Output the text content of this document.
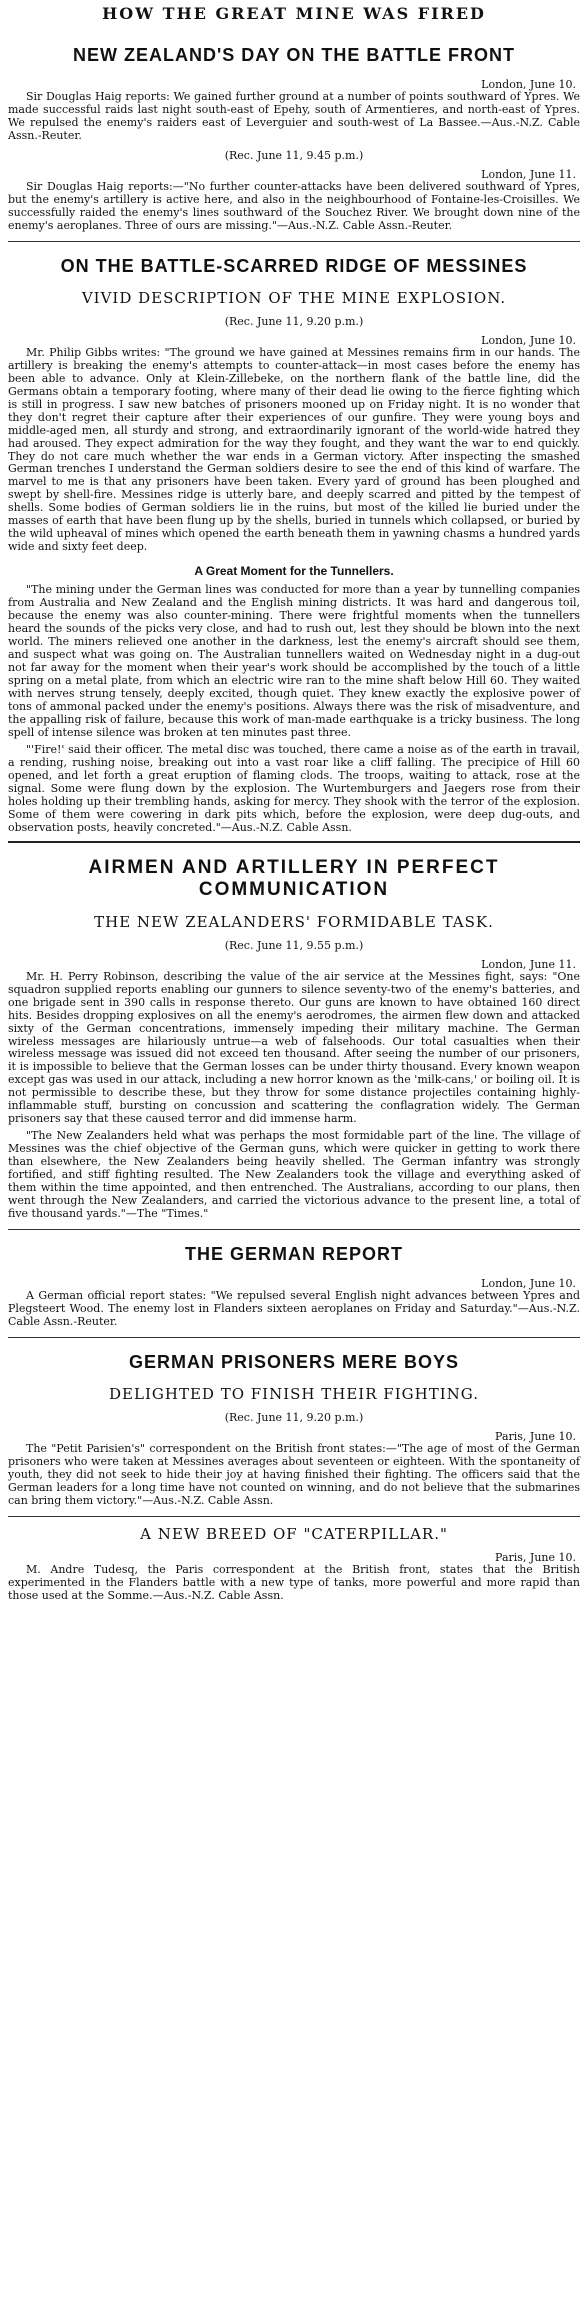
HOW THE GREAT MINE WAS FIRED
NEW ZEALAND'S DAY ON THE BATTLE FRONT
London, June 10.

Sir Douglas Haig reports: We gained further ground at a number of points southward of Ypres. We made successful raids last night south-east of Epehy, south of Armentieres, and north-east of Ypres. We repulsed the enemy's raiders east of Leverguier and south-west of La Bassee.—Aus.-N.Z. Cable Assn.-Reuter.

(Rec. June 11, 9.45 p.m.)
London, June 11.

Sir Douglas Haig reports:—"No further counter-attacks have been delivered southward of Ypres, but the enemy's artillery is active here, and also in the neighbourhood of Fontaine-les-Croisilles. We successfully raided the enemy's lines southward of the Souchez River. We brought down nine of the enemy's aeroplanes. Three of ours are missing."—Aus.-N.Z. Cable Assn.-Reuter.

ON THE BATTLE-SCARRED RIDGE OF MESSINES
VIVID DESCRIPTION OF THE MINE EXPLOSION.
(Rec. June 11, 9.20 p.m.)
London, June 10.

Mr. Philip Gibbs writes: "The ground we have gained at Messines remains firm in our hands. The artillery is breaking the enemy's attempts to counter-attack—in most cases before the enemy has been able to advance. Only at Klein-Zillebeke, on the northern flank of the battle line, did the Germans obtain a temporary footing, where many of their dead lie owing to the fierce fighting which is still in progress. I saw new batches of prisoners mooned up on Friday night. It is no wonder that they don't regret their capture after their experiences of our gunfire. They were young boys and middle-aged men, all sturdy and strong, and extraordinarily ignorant of the world-wide hatred they had aroused. They expect admiration for the way they fought, and they want the war to end quickly. They do not care much whether the war ends in a German victory. After inspecting the smashed German trenches I understand the German soldiers desire to see the end of this kind of warfare. The marvel to me is that any prisoners have been taken. Every yard of ground has been ploughed and swept by shell-fire. Messines ridge is utterly bare, and deeply scarred and pitted by the tempest of shells. Some bodies of German soldiers lie in the ruins, but most of the killed lie buried under the masses of earth that have been flung up by the shells, buried in tunnels which collapsed, or buried by the wild upheaval of mines which opened the earth beneath them in yawning chasms a hundred yards wide and sixty feet deep.

A Great Moment for the Tunnellers.

"The mining under the German lines was conducted for more than a year by tunnelling companies from Australia and New Zealand and the English mining districts. It was hard and dangerous toil, because the enemy was also counter-mining. There were frightful moments when the tunnellers heard the sounds of the picks very close, and had to rush out, lest they should be blown into the next world. The miners relieved one another in the darkness, lest the enemy's aircraft should see them, and suspect what was going on. The Australian tunnellers waited on Wednesday night in a dug-out not far away for the moment when their year's work should be accomplished by the touch of a little spring on a metal plate, from which an electric wire ran to the mine shaft below Hill 60. They waited with nerves strung tensely, deeply excited, though quiet. They knew exactly the explosive power of tons of ammonal packed under the enemy's positions. Always there was the risk of misadventure, and the appalling risk of failure, because this work of man-made earthquake is a tricky business. The long spell of intense silence was broken at ten minutes past three.

"'Fire!' said their officer. The metal disc was touched, there came a noise as of the earth in travail, a rending, rushing noise, breaking out into a vast roar like a cliff falling. The precipice of Hill 60 opened, and let forth a great eruption of flaming clods. The troops, waiting to attack, rose at the signal. Some were flung down by the explosion. The Wurtemburgers and Jaegers rose from their holes holding up their trembling hands, asking for mercy. They shook with the terror of the explosion. Some of them were cowering in dark pits which, before the explosion, were deep dug-outs, and observation posts, heavily concreted."—Aus.-N.Z. Cable Assn.

AIRMEN AND ARTILLERY IN PERFECT COMMUNICATION
THE NEW ZEALANDERS' FORMIDABLE TASK.
(Rec. June 11, 9.55 p.m.)
London, June 11.

Mr. H. Perry Robinson, describing the value of the air service at the Messines fight, says: "One squadron supplied reports enabling our gunners to silence seventy-two of the enemy's batteries, and one brigade sent in 390 calls in response thereto. Our guns are known to have obtained 160 direct hits. Besides dropping explosives on all the enemy's aerodromes, the airmen flew down and attacked sixty of the German concentrations, immensely impeding their military machine. The German wireless messages are hilariously untrue—a web of falsehoods. Our total casualties when their wireless message was issued did not exceed ten thousand. After seeing the number of our prisoners, it is impossible to believe that the German losses can be under thirty thousand. Every known weapon except gas was used in our attack, including a new horror known as the 'milk-cans,' or boiling oil. It is not permissible to describe these, but they throw for some distance projectiles containing highly-inflammable stuff, bursting on concussion and scattering the conflagration widely. The German prisoners say that these caused terror and did immense harm.

"The New Zealanders held what was perhaps the most formidable part of the line. The village of Messines was the chief objective of the German guns, which were quicker in getting to work there than elsewhere, the New Zealanders being heavily shelled. The German infantry was strongly fortified, and stiff fighting resulted. The New Zealanders took the village and everything asked of them within the time appointed, and then entrenched. The Australians, according to our plans, then went through the New Zealanders, and carried the victorious advance to the present line, a total of five thousand yards."—The "Times."

THE GERMAN REPORT
London, June 10.

A German official report states: "We repulsed several English night advances between Ypres and Plegsteert Wood. The enemy lost in Flanders sixteen aeroplanes on Friday and Saturday."—Aus.-N.Z. Cable Assn.-Reuter.

GERMAN PRISONERS MERE BOYS
DELIGHTED TO FINISH THEIR FIGHTING.
(Rec. June 11, 9.20 p.m.)
Paris, June 10.

The "Petit Parisien's" correspondent on the British front states:—"The age of most of the German prisoners who were taken at Messines averages about seventeen or eighteen. With the spontaneity of youth, they did not seek to hide their joy at having finished their fighting. The officers said that the German leaders for a long time have not counted on winning, and do not believe that the submarines can bring them victory."—Aus.-N.Z. Cable Assn.

A NEW BREED OF "CATERPILLAR."
Paris, June 10.

M. Andre Tudesq, the Paris correspondent at the British front, states that the British experimented in the Flanders battle with a new type of tanks, more powerful and more rapid than those used at the Somme.—Aus.-N.Z. Cable Assn.
